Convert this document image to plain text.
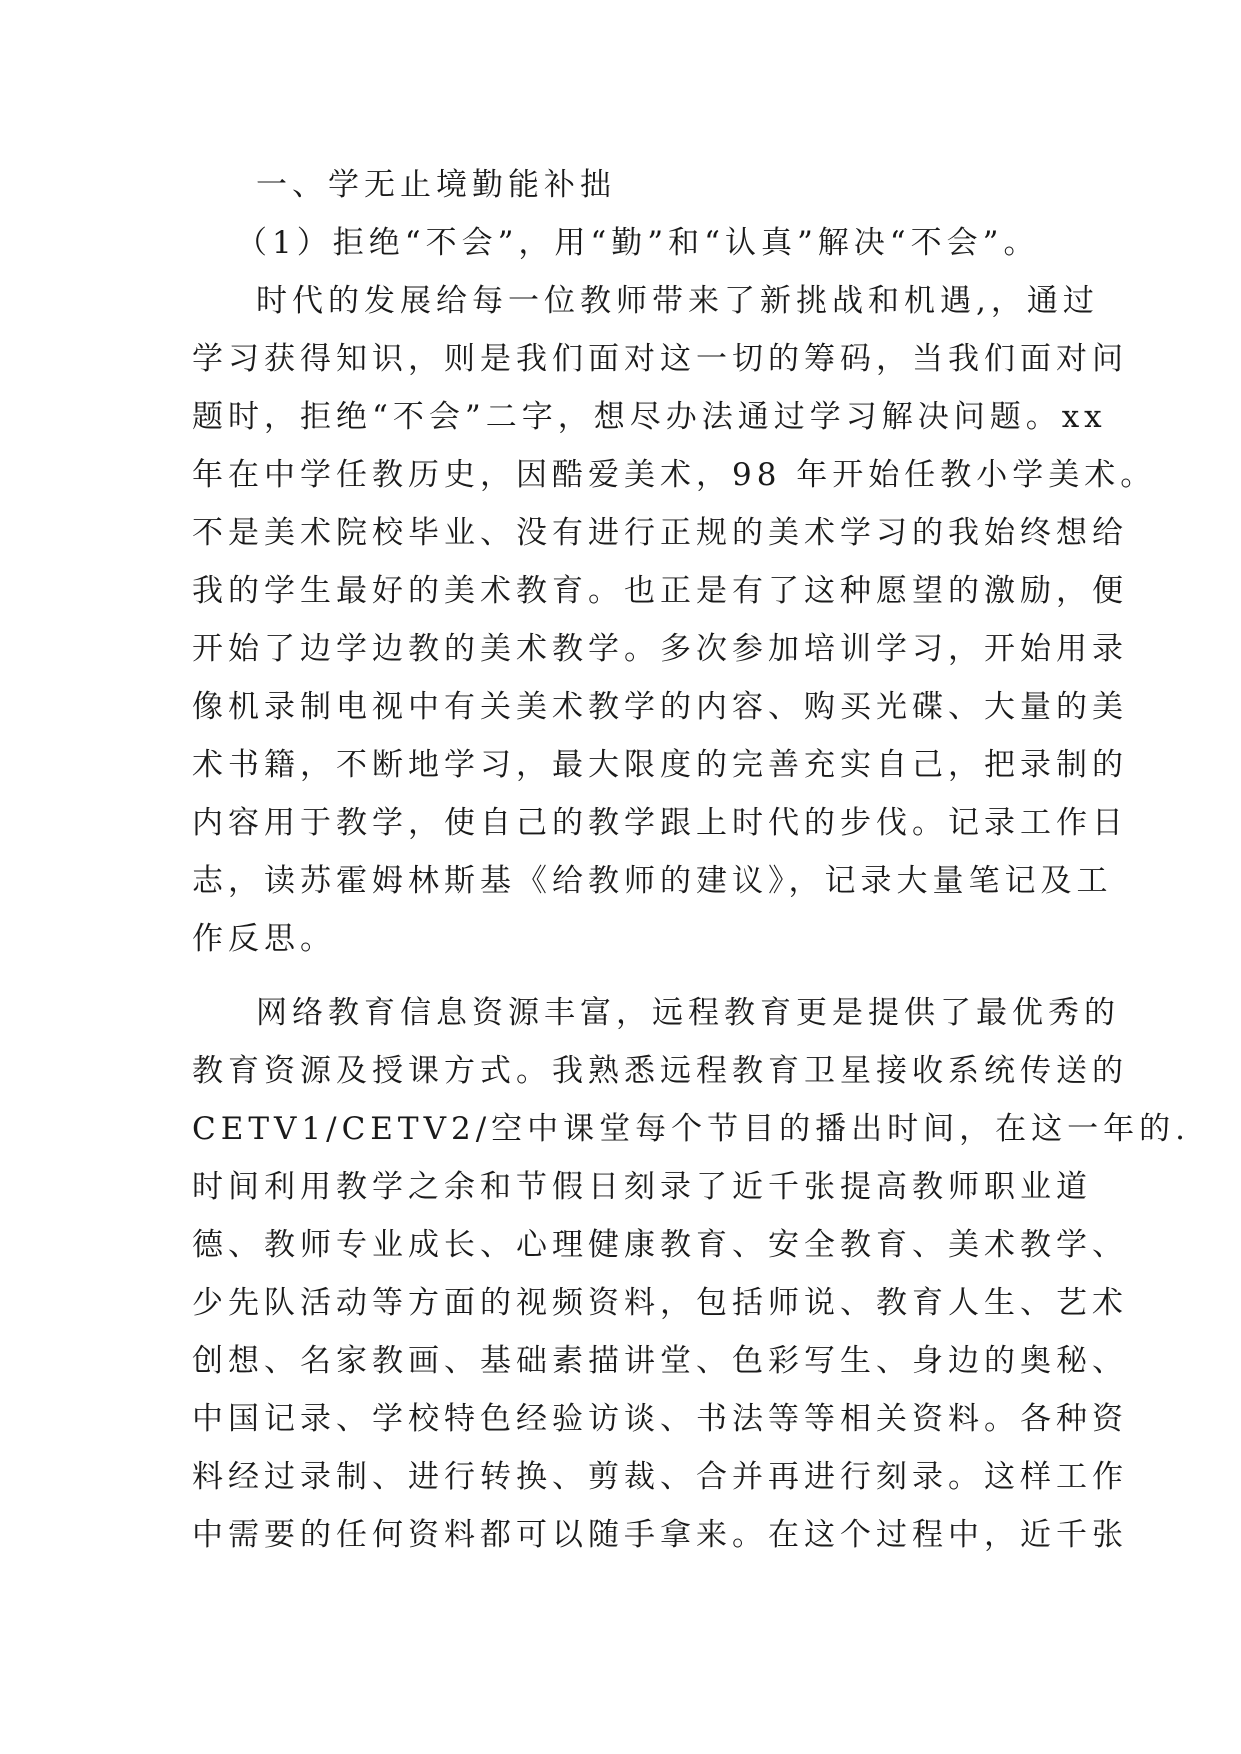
一、学无止境勤能补拙
（1）拒绝“不会”，用“勤”和“认真”解决“不会”。
时代的发展给每一位教师带来了新挑战和机遇,，通过
学习获得知识，则是我们面对这一切的筹码，当我们面对问
题时，拒绝“不会”二字，想尽办法通过学习解决问题。xx
年在中学任教历史，因酷爱美术，98 年开始任教小学美术。
不是美术院校毕业、没有进行正规的美术学习的我始终想给
我的学生最好的美术教育。也正是有了这种愿望的激励，便
开始了边学边教的美术教学。多次参加培训学习，开始用录
像机录制电视中有关美术教学的内容、购买光碟、大量的美
术书籍，不断地学习，最大限度的完善充实自己，把录制的
内容用于教学，使自己的教学跟上时代的步伐。记录工作日
志，读苏霍姆林斯基《给教师的建议》，记录大量笔记及工
作反思。
网络教育信息资源丰富，远程教育更是提供了最优秀的
教育资源及授课方式。我熟悉远程教育卫星接收系统传送的
CETV1/CETV2/空中课堂每个节目的播出时间，在这一年的.
时间利用教学之余和节假日刻录了近千张提高教师职业道
德、教师专业成长、心理健康教育、安全教育、美术教学、
少先队活动等方面的视频资料，包括师说、教育人生、艺术
创想、名家教画、基础素描讲堂、色彩写生、身边的奥秘、
中国记录、学校特色经验访谈、书法等等相关资料。各种资
料经过录制、进行转换、剪裁、合并再进行刻录。这样工作
中需要的任何资料都可以随手拿来。在这个过程中，近千张
